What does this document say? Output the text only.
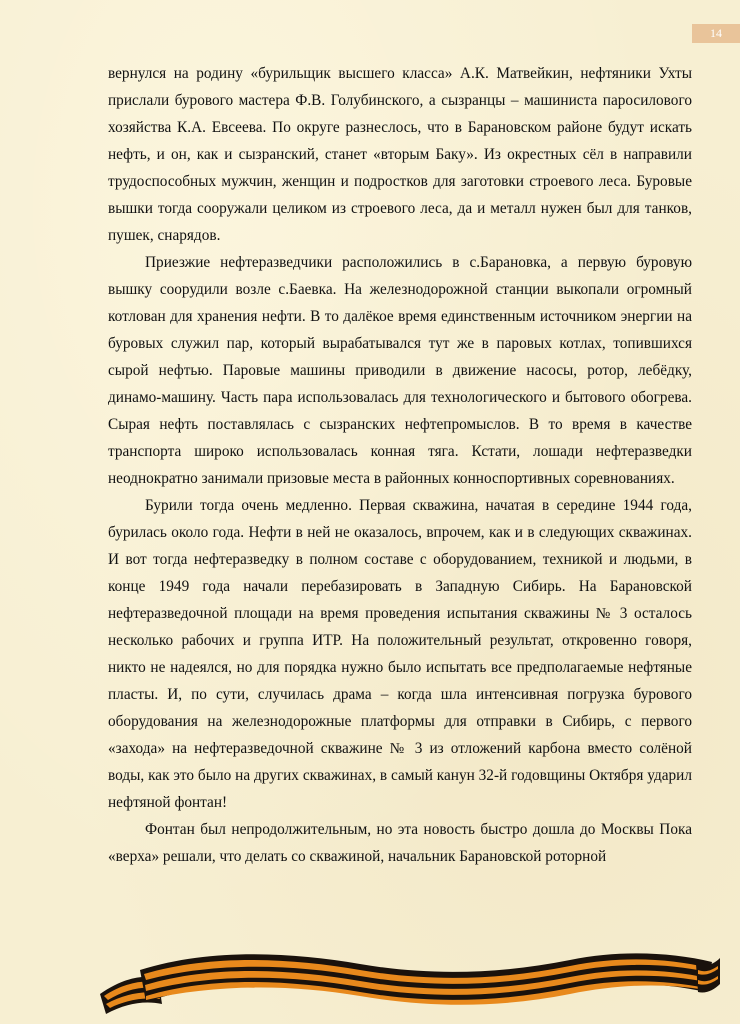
14

вернулся на родину «бурильщик высшего класса» А.К. Матвейкин, нефтяники Ухты прислали бурового мастера Ф.В. Голубинского, а сызранцы – машиниста паросилового хозяйства К.А. Евсеева. По округе разнеслось, что в Барановском районе будут искать нефть, и он, как и сызранский, станет «вторым Баку». Из окрестных сёл в направили трудоспособных мужчин, женщин и подростков для заготовки строевого леса. Буровые вышки тогда сооружали целиком из строевого леса, да и металл нужен был для танков, пушек, снарядов.

Приезжие нефтеразведчики расположились в с.Барановка, а первую буровую вышку соорудили возле с.Баевка. На железнодорожной станции выкопали огромный котлован для хранения нефти. В то далёкое время единственным источником энергии на буровых служил пар, который вырабатывался тут же в паровых котлах, топившихся сырой нефтью. Паровые машины приводили в движение насосы, ротор, лебёдку, динамо-машину. Часть пара использовалась для технологического и бытового обогрева. Сырая нефть поставлялась с сызранских нефтепромыслов. В то время в качестве транспорта широко использовалась конная тяга. Кстати, лошади нефтеразведки неоднократно занимали призовые места в районных конноспортивных соревнованиях.

Бурили тогда очень медленно. Первая скважина, начатая в середине 1944 года, бурилась около года. Нефти в ней не оказалось, впрочем, как и в следующих скважинах. И вот тогда нефтеразведку в полном составе с оборудованием, техникой и людьми, в конце 1949 года начали перебазировать в Западную Сибирь. На Барановской нефтеразведочной площади на время проведения испытания скважины № 3 осталось несколько рабочих и группа ИТР. На положительный результат, откровенно говоря, никто не надеялся, но для порядка нужно было испытать все предполагаемые нефтяные пласты. И, по сути, случилась драма – когда шла интенсивная погрузка бурового оборудования на железнодорожные платформы для отправки в Сибирь, с первого «захода» на нефтеразведочной скважине № 3 из отложений карбона вместо солёной воды, как это было на других скважинах, в самый канун 32-й годовщины Октября ударил нефтяной фонтан!

Фонтан был непродолжительным, но эта новость быстро дошла до Москвы Пока «верха» решали, что делать со скважиной, начальник Барановской роторной
